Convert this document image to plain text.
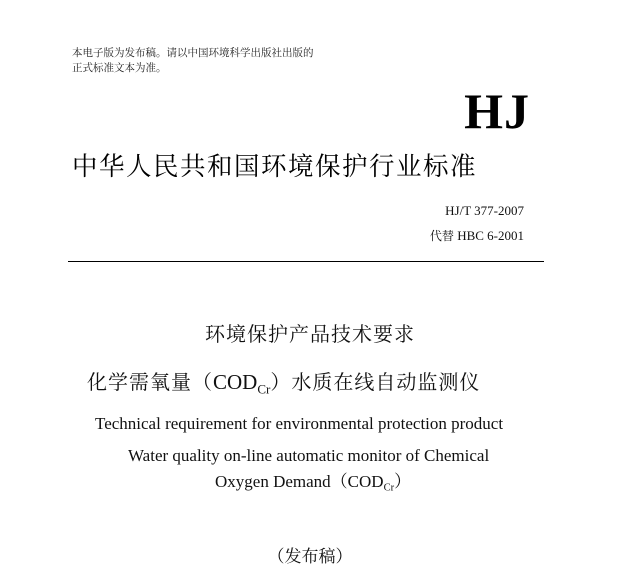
本电子版为发布稿。请以中国环境科学出版社出版的
正式标准文本为准。
HJ
中华人民共和国环境保护行业标准
HJ/T 377-2007
代替 HBC 6-2001
环境保护产品技术要求
化学需氧量$(COD_{Cr})$水质在线自动监测仪
Technical requirement for environmental protection product
Water quality on-line automatic monitor of Chemical
Oxygen $Demand(COD_{Cr})$
（发布稿）
